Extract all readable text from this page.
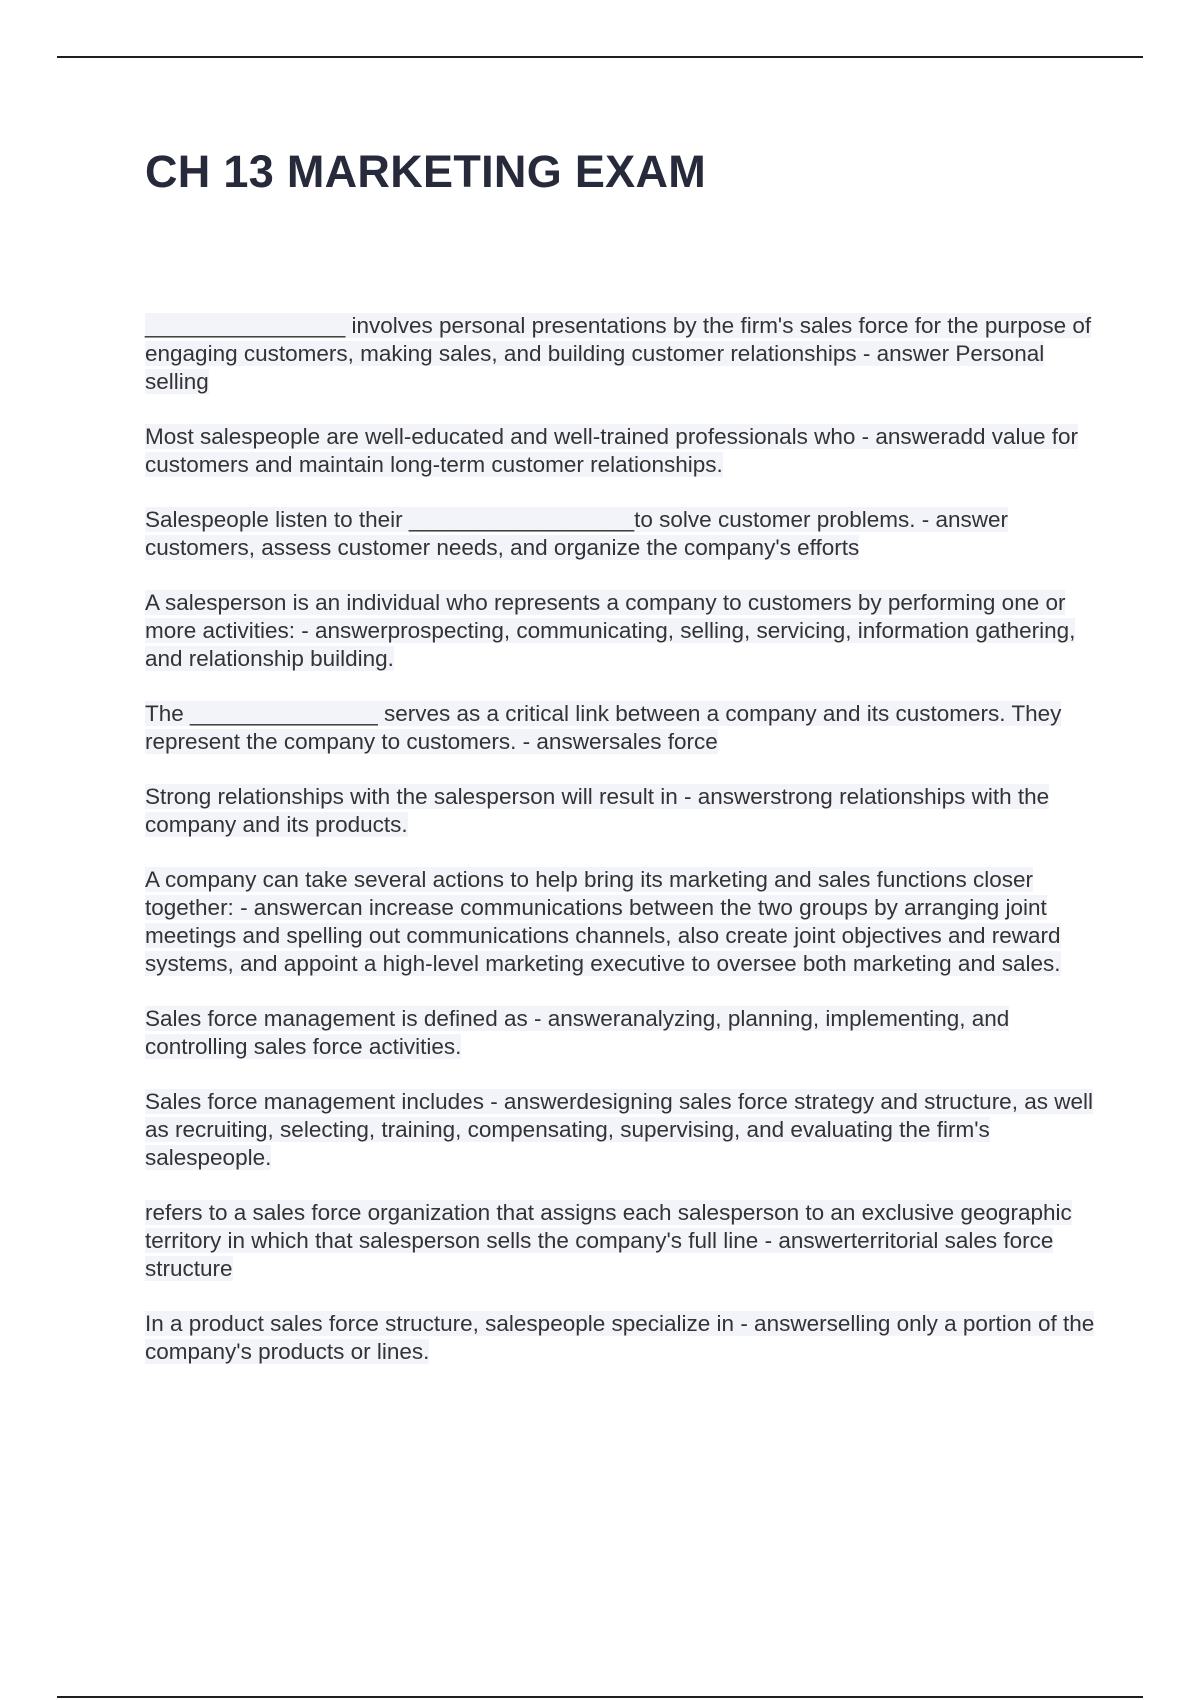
CH 13 MARKETING EXAM

________________ involves personal presentations by the firm's sales force for the purpose of engaging customers, making sales, and building customer relationships - answer Personal selling

Most salespeople are well-educated and well-trained professionals who - answeradd value for customers and maintain long-term customer relationships.

Salespeople listen to their __________________to solve customer problems. - answer customers, assess customer needs, and organize the company's efforts

A salesperson is an individual who represents a company to customers by performing one or more activities: - answerprospecting, communicating, selling, servicing, information gathering, and relationship building.

The _______________ serves as a critical link between a company and its customers. They represent the company to customers. - answersales force

Strong relationships with the salesperson will result in - answerstrong relationships with the company and its products.

A company can take several actions to help bring its marketing and sales functions closer together: - answercan increase communications between the two groups by arranging joint meetings and spelling out communications channels, also create joint objectives and reward systems, and appoint a high-level marketing executive to oversee both marketing and sales.

Sales force management is defined as - answeranalyzing, planning, implementing, and controlling sales force activities.

Sales force management includes - answerdesigning sales force strategy and structure, as well as recruiting, selecting, training, compensating, supervising, and evaluating the firm's salespeople.

refers to a sales force organization that assigns each salesperson to an exclusive geographic territory in which that salesperson sells the company's full line - answerterritorial sales force structure

In a product sales force structure, salespeople specialize in - answerselling only a portion of the company's products or lines.
